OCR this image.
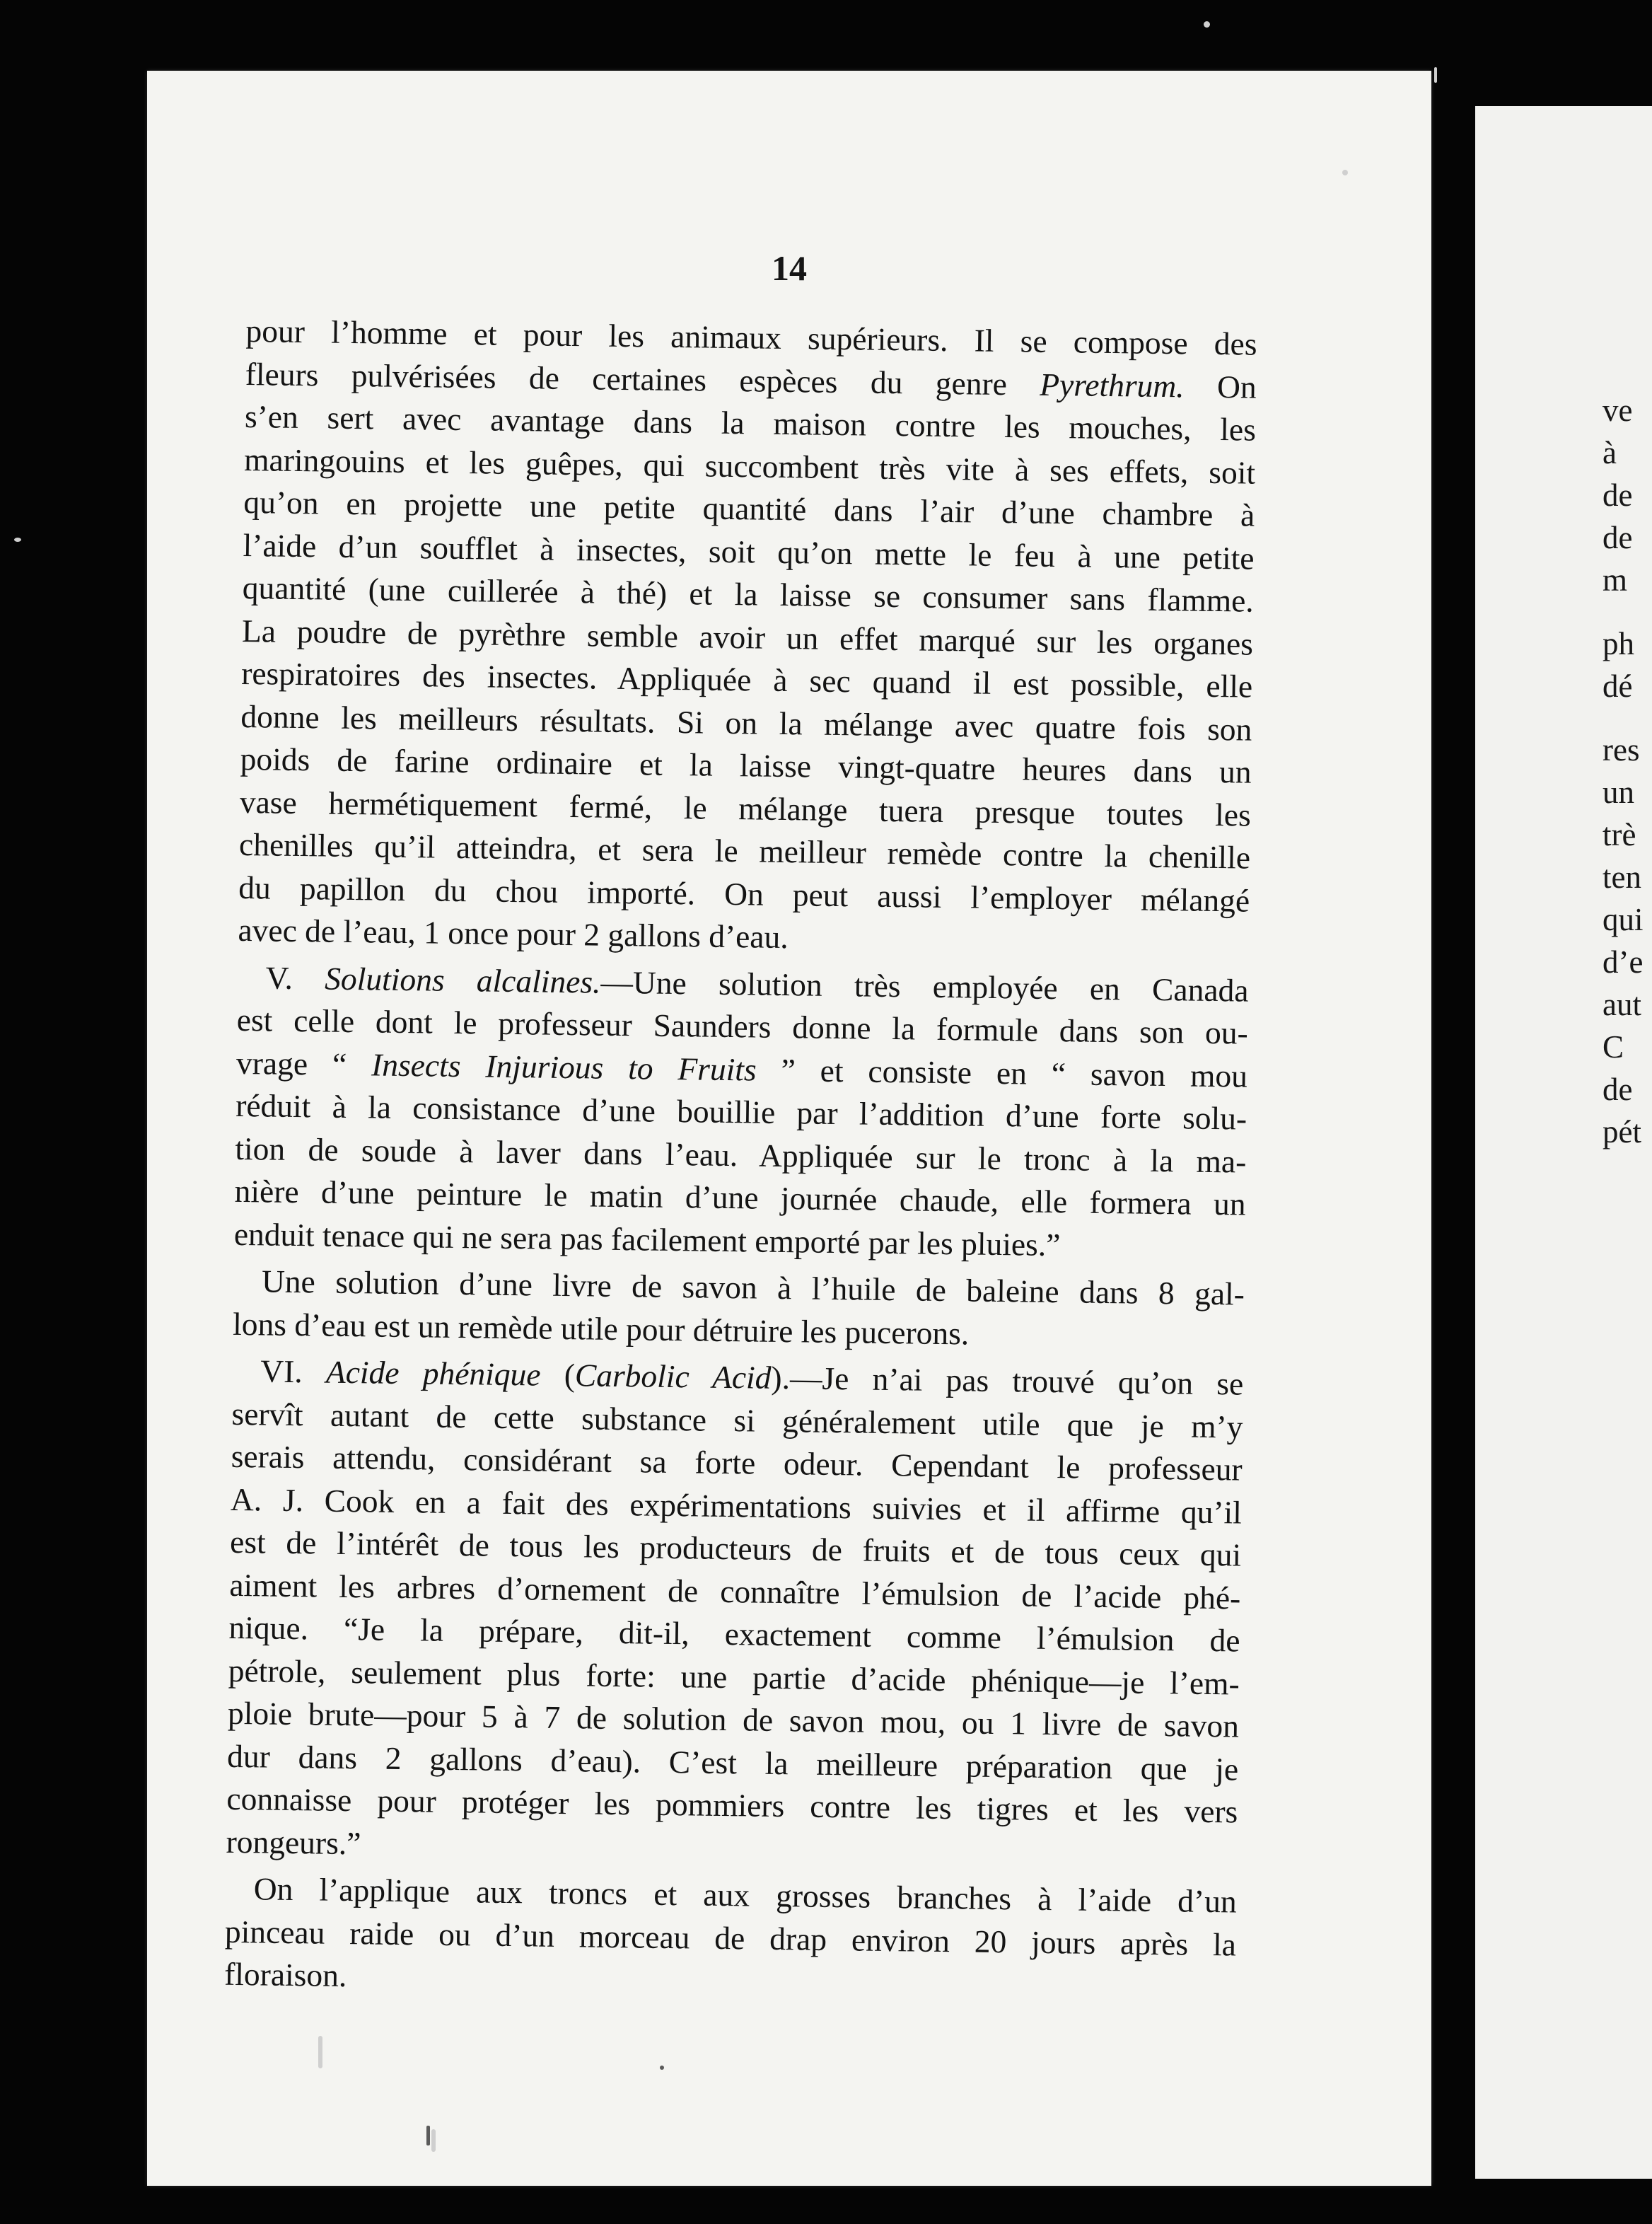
14
pour l’homme et pour les animaux supérieurs. Il se compose des
fleurs pulvérisées de certaines espèces du genre Pyrethrum. On
s’en sert avec avantage dans la maison contre les mouches, les
maringouins et les guêpes, qui succombent très vite à ses effets, soit
qu’on en projette une petite quantité dans l’air d’une chambre à
l’aide d’un soufflet à insectes, soit qu’on mette le feu à une petite
quantité (une cuillerée à thé) et la laisse se consumer sans flamme.
La poudre de pyrèthre semble avoir un effet marqué sur les organes
respiratoires des insectes. Appliquée à sec quand il est possible, elle
donne les meilleurs résultats. Si on la mélange avec quatre fois son
poids de farine ordinaire et la laisse vingt-quatre heures dans un
vase hermétiquement fermé, le mélange tuera presque toutes les
chenilles qu’il atteindra, et sera le meilleur remède contre la chenille
du papillon du chou importé. On peut aussi l’employer mélangé
avec de l’eau, 1 once pour 2 gallons d’eau.
V. Solutions alcalines.—Une solution très employée en Canada
est celle dont le professeur Saunders donne la formule dans son ou-
vrage “ Insects Injurious to Fruits ” et consiste en “ savon mou
réduit à la consistance d’une bouillie par l’addition d’une forte solu-
tion de soude à laver dans l’eau. Appliquée sur le tronc à la ma-
nière d’une peinture le matin d’une journée chaude, elle formera un
enduit tenace qui ne sera pas facilement emporté par les pluies.”
Une solution d’une livre de savon à l’huile de baleine dans 8 gal-
lons d’eau est un remède utile pour détruire les pucerons.
VI. Acide phénique (Carbolic Acid).—Je n’ai pas trouvé qu’on se
servît autant de cette substance si généralement utile que je m’y
serais attendu, considérant sa forte odeur. Cependant le professeur
A. J. Cook en a fait des expérimentations suivies et il affirme qu’il
est de l’intérêt de tous les producteurs de fruits et de tous ceux qui
aiment les arbres d’ornement de connaître l’émulsion de l’acide phé-
nique. “Je la prépare, dit-il, exactement comme l’émulsion de
pétrole, seulement plus forte: une partie d’acide phénique—je l’em-
ploie brute—pour 5 à 7 de solution de savon mou, ou 1 livre de savon
dur dans 2 gallons d’eau). C’est la meilleure préparation que je
connaisse pour protéger les pommiers contre les tigres et les vers
rongeurs.”
On l’applique aux troncs et aux grosses branches à l’aide d’un
pinceau raide ou d’un morceau de drap environ 20 jours après la
floraison.
ve
à
de
de
m
ph
dé
res
un
trè
ten
qui
d’e
aut
C
de
pét
